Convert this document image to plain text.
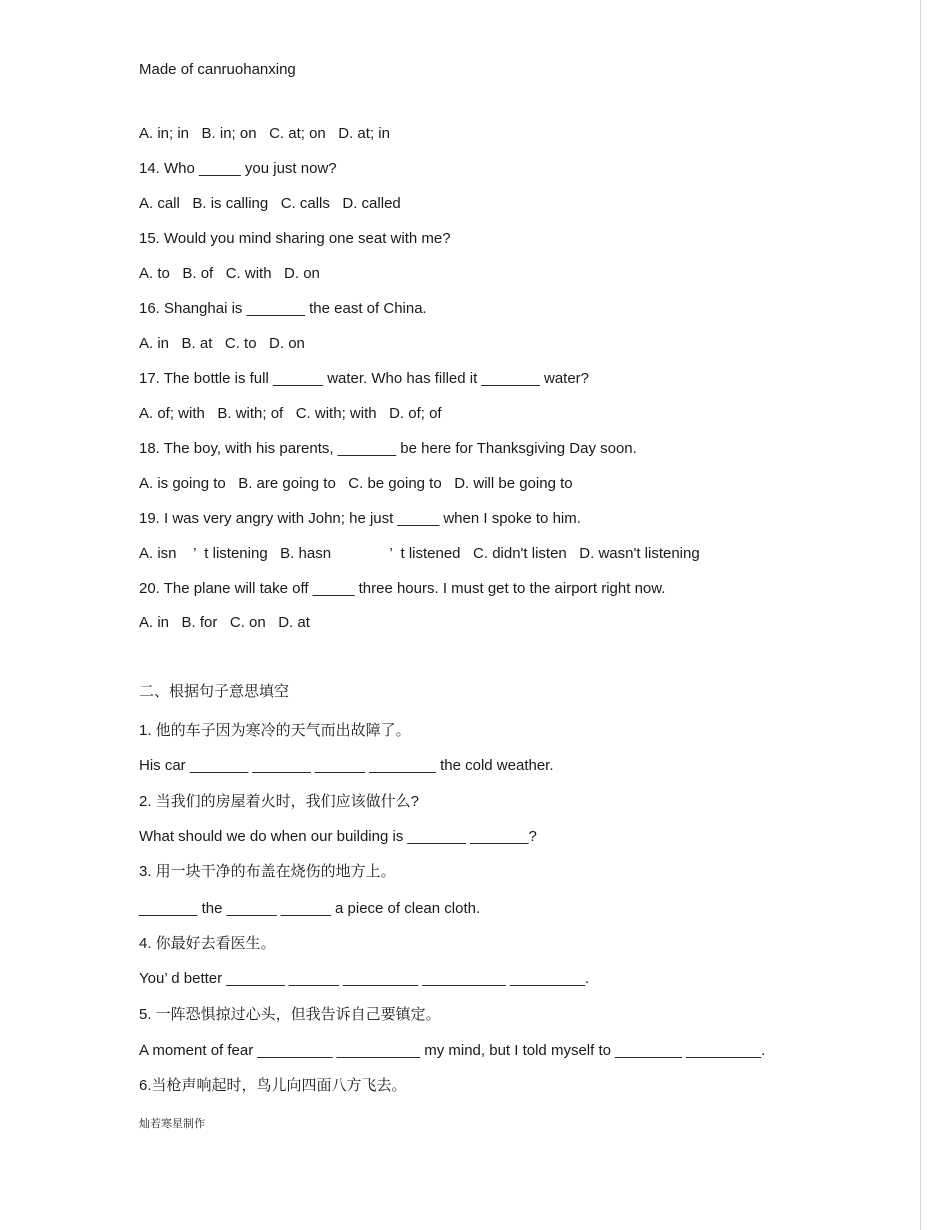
Made of canruohanxing
A. in; in   B. in; on   C. at; on   D. at; in
14. Who _____ you just now?
A. call   B. is calling   C. calls   D. called
15. Would you mind sharing one seat with me?
A. to   B. of   C. with   D. on
16. Shanghai is _______ the east of China.
A. in   B. at   C. to   D. on
17. The bottle is full ______ water. Who has filled it _______ water?
A. of; with   B. with; of   C. with; with   D. of; of
18. The boy, with his parents, _______ be here for Thanksgiving Day soon.
A. is going to   B. are going to   C. be going to   D. will be going to
19. I was very angry with John; he just _____ when I spoke to him.
A. isn    ’  t listening   B. hasn              ’  t listened   C. didn't listen   D. wasn't listening
20. The plane will take off _____ three hours. I must get to the airport right now.
A. in   B. for   C. on   D. at
二、根据句子意思填空
1. 他的车子因为寒冷的天气而出故障了。
His car _______ _______ ______ ________ the cold weather.
2. 当我们的房屋着火时，我们应该做什么?
What should we do when our building is _______ _______?
3. 用一块干净的布盖在烧伤的地方上。
_______ the ______ ______ a piece of clean cloth.
4. 你最好去看医生。
You’ d better _______ ______ _________ __________ _________.
5. 一阵恐惧掠过心头，但我告诉自己要镇定。
A moment of fear _________ __________ my mind, but I told myself to ________ _________.
6.当枪声响起时，鸟儿向四面八方飞去。
灿若寒星制作
